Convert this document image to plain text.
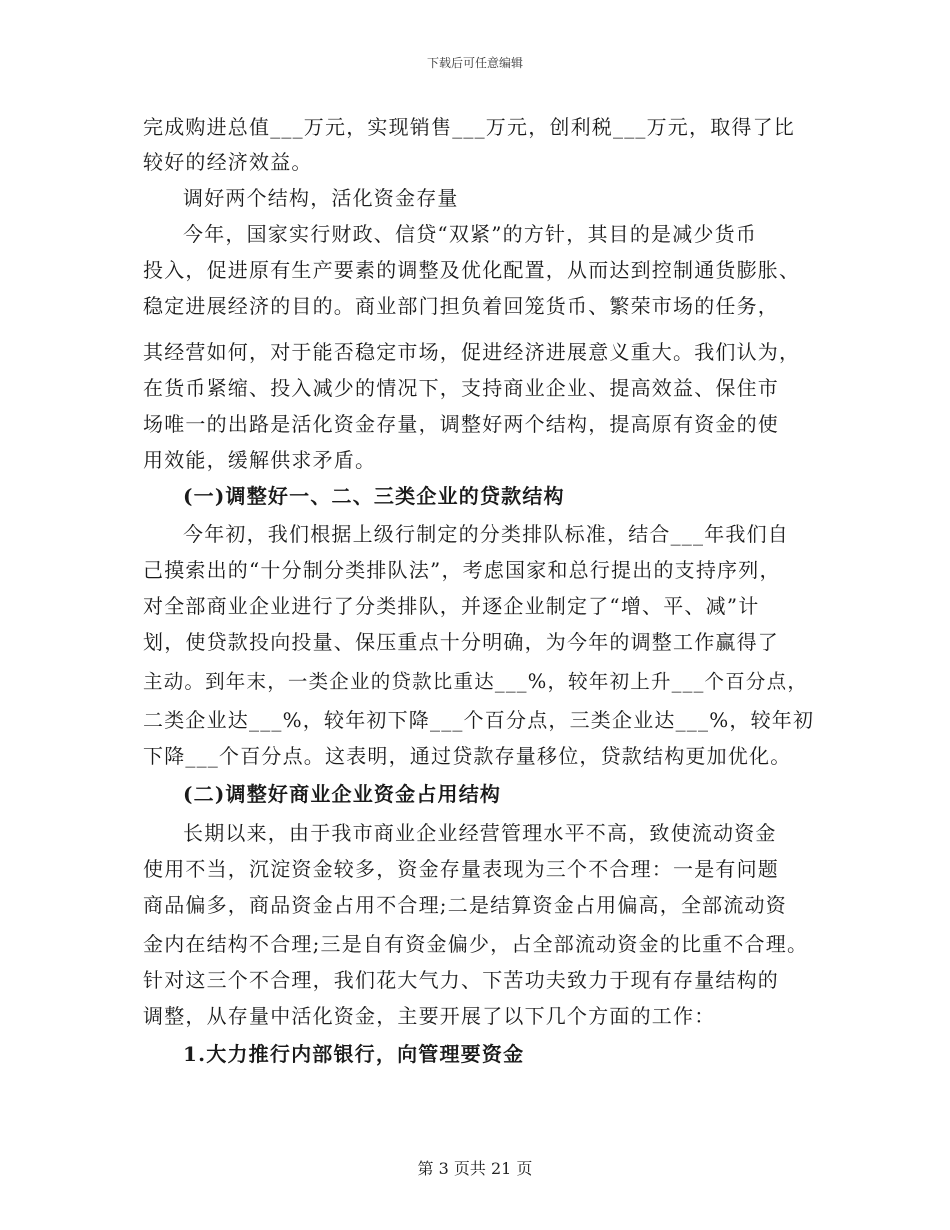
下载后可任意编辑
完成购进总值___万元，实现销售___万元，创利税___万元，取得了比
较好的经济效益。
调好两个结构，活化资金存量
今年，国家实行财政、信贷“双紧”的方针，其目的是减少货币
投入，促进原有生产要素的调整及优化配置，从而达到控制通货膨胀、
稳定进展经济的目的。商业部门担负着回笼货币、繁荣市场的任务，
其经营如何，对于能否稳定市场，促进经济进展意义重大。我们认为，
在货币紧缩、投入减少的情况下，支持商业企业、提高效益、保住市
场唯一的出路是活化资金存量，调整好两个结构，提高原有资金的使
用效能，缓解供求矛盾。
(一)调整好一、二、三类企业的贷款结构
今年初，我们根据上级行制定的分类排队标准，结合___年我们自
己摸索出的“十分制分类排队法”，考虑国家和总行提出的支持序列，
对全部商业企业进行了分类排队，并逐企业制定了“增、平、减”计
划，使贷款投向投量、保压重点十分明确，为今年的调整工作赢得了
主动。到年末，一类企业的贷款比重达___%，较年初上升___个百分点，
二类企业达___%，较年初下降___个百分点，三类企业达___%，较年初
下降___个百分点。这表明，通过贷款存量移位，贷款结构更加优化。
(二)调整好商业企业资金占用结构
长期以来，由于我市商业企业经营管理水平不高，致使流动资金
使用不当，沉淀资金较多，资金存量表现为三个不合理：一是有问题
商品偏多，商品资金占用不合理;二是结算资金占用偏高，全部流动资
金内在结构不合理;三是自有资金偏少，占全部流动资金的比重不合理。
针对这三个不合理，我们花大气力、下苦功夫致力于现有存量结构的
调整，从存量中活化资金，主要开展了以下几个方面的工作：
1.大力推行内部银行，向管理要资金
第 3 页共 21 页
